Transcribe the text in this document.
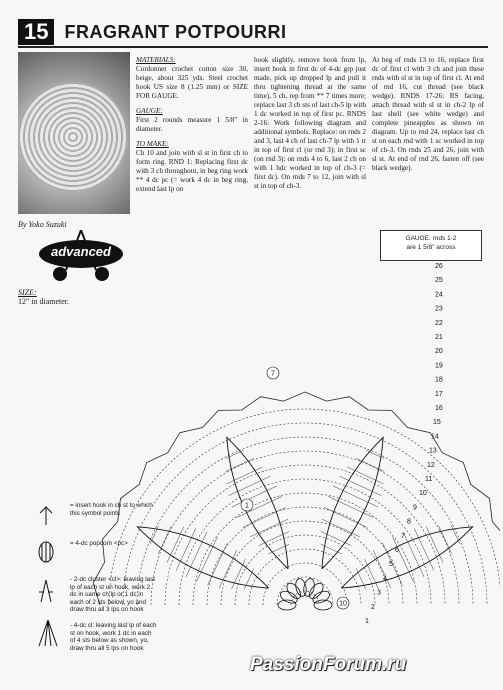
15 FRAGRANT POTPOURRI
By Yoko Suzuki
advanced
SIZE:
12" in diameter.
MATERIALS:
Cordonnet crochet cotton size 30, beige, about 325 yds. Steel crochet hook US size 8 (1.25 mm) or SIZE FOR GAUGE.
GAUGE:
First 2 rounds measure 1 5/8" in diameter.
TO MAKE:
Ch 10 and join with sl st in first ch to form ring. RND 1: Replacing first dc with 3 ch throughout, in beg ring work ** 4 dc pc (= work 4 dc in beg ring, extend last lp on
hook slightly, remove hook from lp, insert hook in first dc of 4-dc grp just made, pick up dropped lp and pull it thru tightening thread at the same time), 5 ch, rep from ** 7 times more; replace last 3 ch sts of last ch-5 lp with 1 dc worked in top of first pc. RNDS 2-16: Work following diagram and additional symbols. Replace: on rnds 2 and 3, last 4 ch of last ch-7 lp with 1 tr in top of first cl (or rnd 3); in first sc (on rnd 3); on rnds 4 to 6, last 2 ch on with 1 hdc worked in top of ch-3 (= first dc). On rnds 7 to 12, join with sl st in top of ch-3.
At beg of rnds 13 to 16, replace first dc of first cl with 3 ch and join these rnds with sl st in top of first cl. At end of rnd 16, cut thread (see black wedge). RNDS 17-26: RS facing, attach thread with sl st in ch-2 lp of last shell (see white wedge) and complete pineapples as shown on diagram. Up to rnd 24, replace last ch st on each rnd with 1 sc worked in top of ch-3. On rnds 25 and 26, join with sl st. At end of rnd 26, fasten off (see black wedge).
GAUGE: rnds 1-2
are 1 5/8" across
26
25
24
23
22
21
20
19
18
17
16
15
14
13
12
11
10
9
8
7
6
5
4
3
2
1
10
7
1
= insert hook in ch st to which this symbol points
= 4-dc popcorn <pc>
- 2-dc cluster <cl>: leaving last lp of each st on hook, work 2 dc in same ch lp or 1 dc in each of 2 sts below, yo and draw thru all 3 lps on hook
- 4-dc cl: leaving last lp of each st on hook, work 1 dc in each of 4 sts below as shown, yo, draw thru all 5 lps on hook
PassionForum.ru
